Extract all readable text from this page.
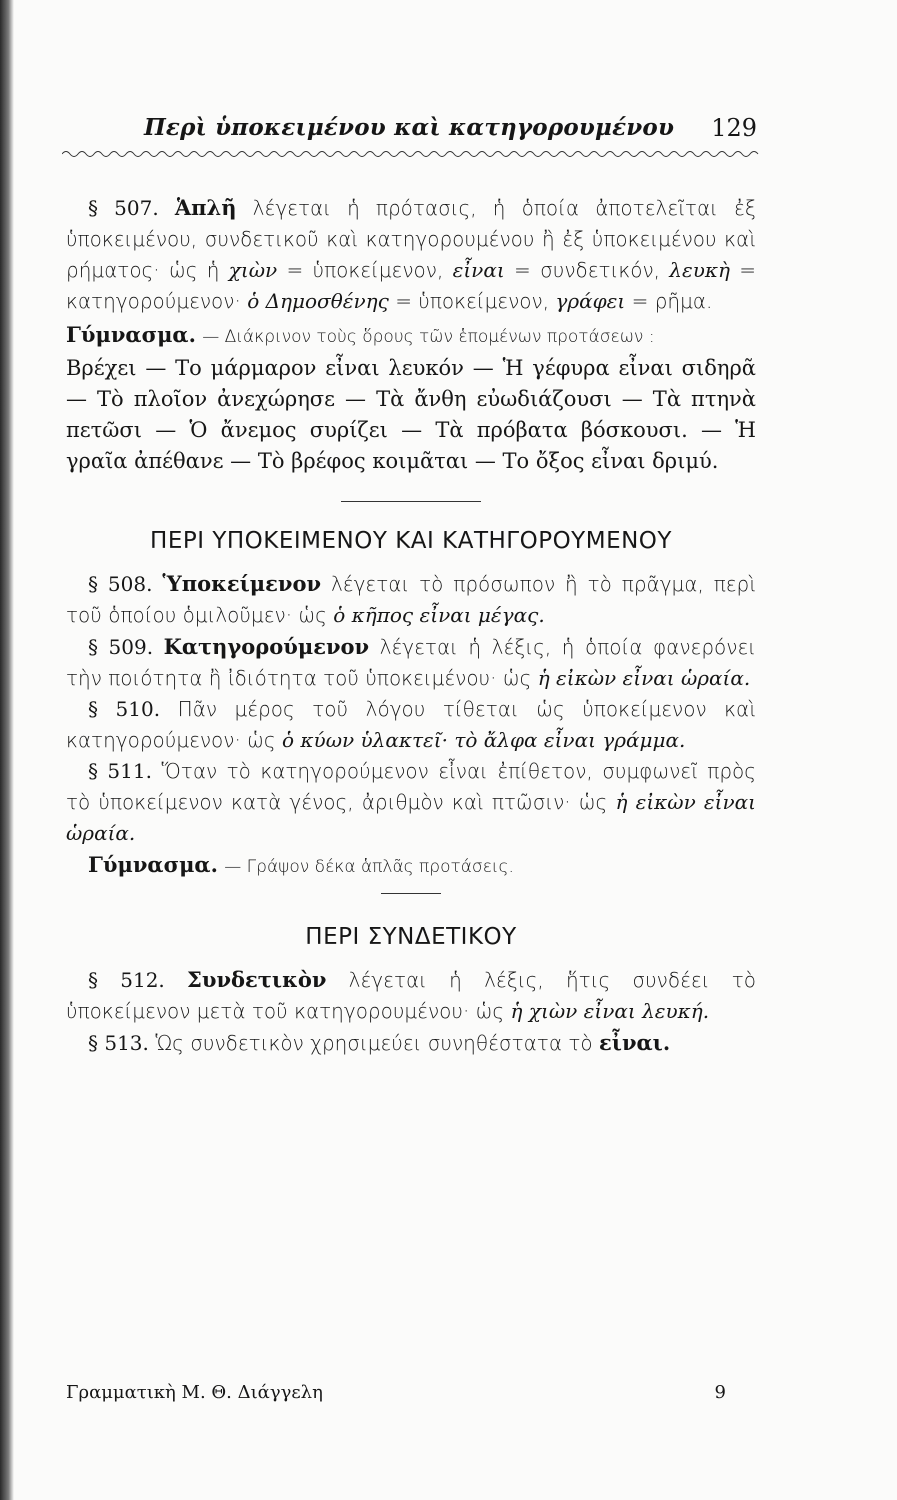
Περὶ ὑποκειμένου καὶ κατηγορουμένου 129

§ 507. Ἁπλῆ λέγεται ἡ πρότασις, ἡ ὁποία ἀποτελεῖται ἐξ ὑποκειμένου, συνδετικοῦ καὶ κατηγορουμένου ἢ ἐξ ὑποκειμένου καὶ ρήματος· ὡς ἡ χιὼν = ὑποκείμενον, εἶναι = συνδετικόν, λευκὴ = κατηγορούμενον· ὁ Δημοσθένης = ὑποκείμενον, γράφει = ρῆμα.

Γύμνασμα. — Διάκρινον τοὺς ὅρους τῶν ἑπομένων προτάσεων :

Βρέχει — Το μάρμαρον εἶναι λευκόν — Ἡ γέφυρα εἶναι σιδηρᾶ — Τὸ πλοῖον ἀνεχώρησε — Τὰ ἄνθη εὐωδιάζουσι — Τὰ πτηνὰ πετῶσι — Ὁ ἄνεμος συρίζει — Τὰ πρόβατα βόσκουσι. — Ἡ γραῖα ἀπέθανε — Τὸ βρέφος κοιμᾶται — Το ὄξος εἶναι δριμύ.

ΠΕΡΙ ΥΠΟΚΕΙΜΕΝΟΥ ΚΑΙ ΚΑΤΗΓΟΡΟΥΜΕΝΟΥ

§ 508. Ὑποκείμενον λέγεται τὸ πρόσωπον ἢ τὸ πρᾶγμα, περὶ τοῦ ὁποίου ὁμιλοῦμεν· ὡς ὁ κῆπος εἶναι μέγας.

§ 509. Κατηγορούμενον λέγεται ἡ λέξις, ἡ ὁποία φανερόνει τὴν ποιότητα ἢ ἰδιότητα τοῦ ὑποκειμένου· ὡς ἡ εἰκὼν εἶναι ὡραία.

§ 510. Πᾶν μέρος τοῦ λόγου τίθεται ὡς ὑποκείμενον καὶ κατηγορούμενον· ὡς ὁ κύων ὑλακτεῖ· τὸ ἄλφα εἶναι γράμμα.

§ 511. Ὅταν τὸ κατηγορούμενον εἶναι ἐπίθετον, συμφωνεῖ πρὸς τὸ ὑποκείμενον κατὰ γένος, ἀριθμὸν καὶ πτῶσιν· ὡς ἡ εἰκὼν εἶναι ὡραία.

Γύμνασμα. — Γράψον δέκα ἁπλᾶς προτάσεις.

ΠΕΡΙ ΣΥΝΔΕΤΙΚΟΥ

§ 512. Συνδετικὸν λέγεται ἡ λέξις, ἥτις συνδέει τὸ ὑποκείμενον μετὰ τοῦ κατηγορουμένου· ὡς ἡ χιὼν εἶναι λευκή.

§ 513. Ὡς συνδετικὸν χρησιμεύει συνηθέστατα τὸ εἶναι.

Γραμματικὴ Μ. Θ. Διάγγελη	9
